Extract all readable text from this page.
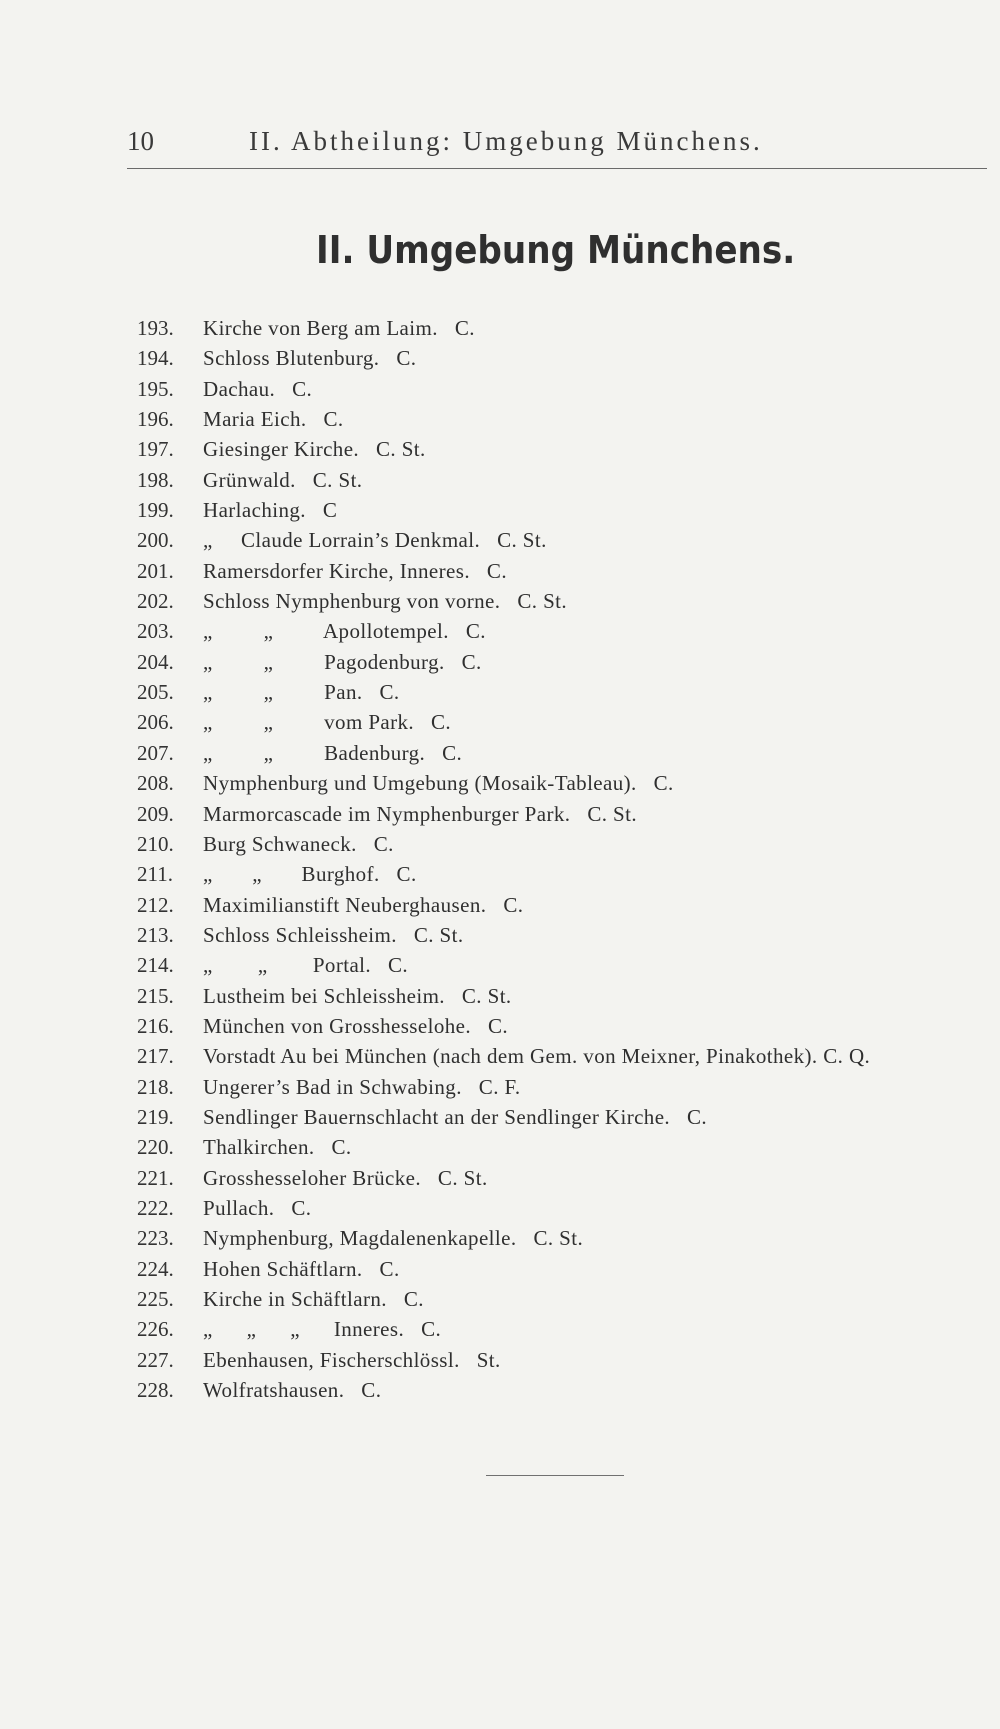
10	II. Abtheilung: Umgebung Münchens.
II. Umgebung Münchens.
193. Kirche von Berg am Laim.   C.
194. Schloss Blutenburg.   C.
195. Dachau.   C.
196. Maria Eich.   C.
197. Giesinger Kirche.   C. St.
198. Grünwald.   C. St.
199. Harlaching.   C
200. „     Claude Lorrain’s Denkmal.   C. St.
201. Ramersdorfer Kirche, Inneres.   C.
202. Schloss Nymphenburg von vorne.   C. St.
203. „         „         Apollotempel.   C.
204. „         „         Pagodenburg.   C.
205. „         „         Pan.   C.
206. „         „         vom Park.   C.
207. „         „         Badenburg.   C.
208. Nymphenburg und Umgebung (Mosaik-Tableau).   C.
209. Marmorcascade im Nymphenburger Park.   C. St.
210. Burg Schwaneck.   C.
211. „       „       Burghof.   C.
212. Maximilianstift Neuberghausen.   C.
213. Schloss Schleissheim.   C. St.
214. „        „        Portal.   C.
215. Lustheim bei Schleissheim.   C. St.
216. München von Grosshesselohe.   C.
217. Vorstadt Au bei München (nach dem Gem. von Meixner, Pinakothek). C. Q.
218. Ungerer’s Bad in Schwabing.   C. F.
219. Sendlinger Bauernschlacht an der Sendlinger Kirche.   C.
220. Thalkirchen.   C.
221. Grosshesseloher Brücke.   C. St.
222. Pullach.   C.
223. Nymphenburg, Magdalenenkapelle.   C. St.
224. Hohen Schäftlarn.   C.
225. Kirche in Schäftlarn.   C.
226. „      „      „      Inneres.   C.
227. Ebenhausen, Fischerschlössl.   St.
228. Wolfratshausen.   C.
